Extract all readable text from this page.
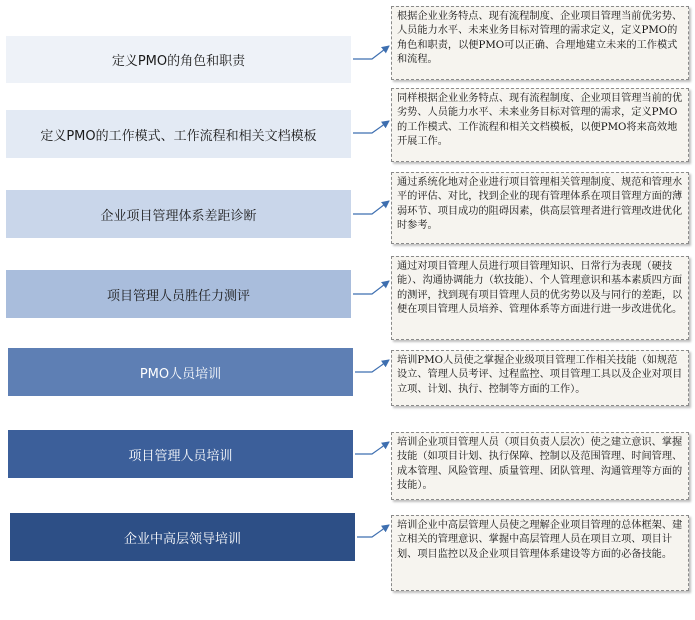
定义PMO的角色和职责
定义PMO的工作模式、工作流程和相关文档模板
企业项目管理体系差距诊断
项目管理人员胜任力测评
PMO人员培训
项目管理人员培训
企业中高层领导培训
根据企业业务特点、现有流程制度、企业项目管理当前优劣势、人员能力水平、未来业务目标对管理的需求定义，定义PMO的角色和职责，以便PMO可以正确、合理地建立未来的工作模式和流程。
同样根据企业业务特点、现有流程制度、企业项目管理当前的优劣势、人员能力水平、未来业务目标对管理的需求，定义PMO的工作模式、工作流程和相关文档模板，以便PMO将来高效地开展工作。
通过系统化地对企业进行项目管理相关管理制度、规范和管理水平的评估、对比，找到企业的现有管理体系在项目管理方面的薄弱环节、项目成功的阻碍因素，供高层管理者进行管理改进优化时参考。
通过对项目管理人员进行项目管理知识、日常行为表现（硬技能）、沟通协调能力（软技能）、个人管理意识和基本素质四方面的测评，找到现有项目管理人员的优劣势以及与同行的差距，以便在项目管理人员培养、管理体系等方面进行进一步改进优化。
培训PMO人员使之掌握企业级项目管理工作相关技能（如规范设立、管理人员考评、过程监控、项目管理工具以及企业对项目立项、计划、执行、控制等方面的工作）。
培训企业项目管理人员（项目负责人层次）使之建立意识、掌握技能（如项目计划、执行保障、控制以及范围管理、时间管理、成本管理、风险管理、质量管理、团队管理、沟通管理等方面的技能）。
培训企业中高层管理人员使之理解企业项目管理的总体框架、建立相关的管理意识、掌握中高层管理人员在项目立项、项目计划、项目监控以及企业项目管理体系建设等方面的必备技能。
